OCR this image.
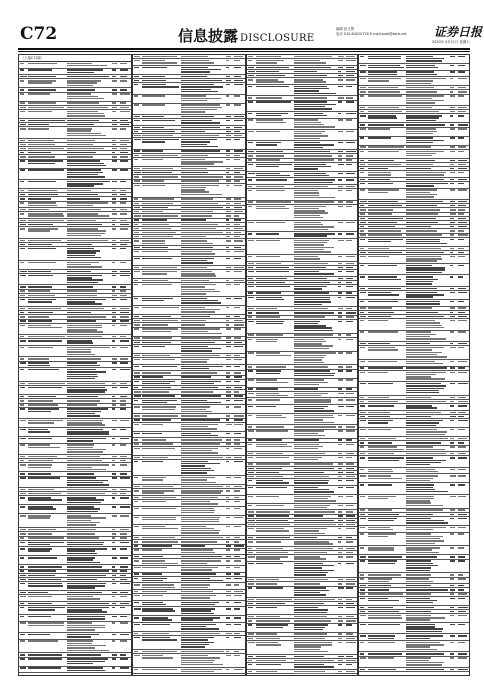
C72	信息披露 DISCLOSURE
编辑 彭文慧
电话 010-84020716 E-mail:zqrb@zqrb.net 证券日报
2020年 4月11日 星期六
（上接C71版）
